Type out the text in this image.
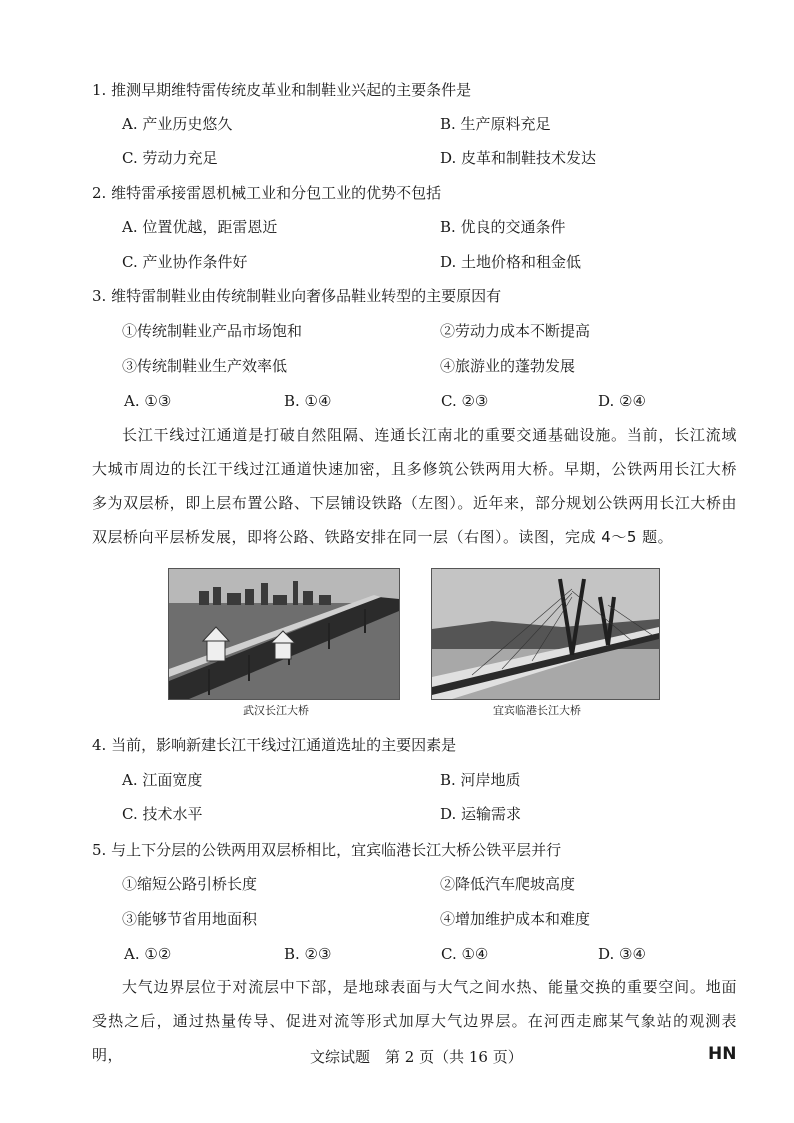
1. 推测早期维特雷传统皮革业和制鞋业兴起的主要条件是
A. 产业历史悠久	B. 生产原料充足
C. 劳动力充足	D. 皮革和制鞋技术发达
2. 维特雷承接雷恩机械工业和分包工业的优势不包括
A. 位置优越，距雷恩近	B. 优良的交通条件
C. 产业协作条件好	D. 土地价格和租金低
3. 维特雷制鞋业由传统制鞋业向奢侈品鞋业转型的主要原因有
①传统制鞋业产品市场饱和	②劳动力成本不断提高
③传统制鞋业生产效率低	④旅游业的蓬勃发展
A. ①③	B. ①④	C. ②③	D. ②④
长江干线过江通道是打破自然阻隔、连通长江南北的重要交通基础设施。当前，长江流域大城市周边的长江干线过江通道快速加密，且多修筑公铁两用大桥。早期，公铁两用长江大桥多为双层桥，即上层布置公路、下层铺设铁路（左图）。近年来，部分规划公铁两用长江大桥由双层桥向平层桥发展，即将公路、铁路安排在同一层（右图）。读图，完成 4～5 题。
武汉长江大桥	宜宾临港长江大桥
4. 当前，影响新建长江干线过江通道选址的主要因素是
A. 江面宽度	B. 河岸地质
C. 技术水平	D. 运输需求
5. 与上下分层的公铁两用双层桥相比，宜宾临港长江大桥公铁平层并行
①缩短公路引桥长度	②降低汽车爬坡高度
③能够节省用地面积	④增加维护成本和难度
A. ①②	B. ②③	C. ①④	D. ③④
大气边界层位于对流层中下部，是地球表面与大气之间水热、能量交换的重要空间。地面受热之后，通过热量传导、促进对流等形式加厚大气边界层。在河西走廊某气象站的观测表明，	文综试题　第 2 页（共 16 页）	HN
